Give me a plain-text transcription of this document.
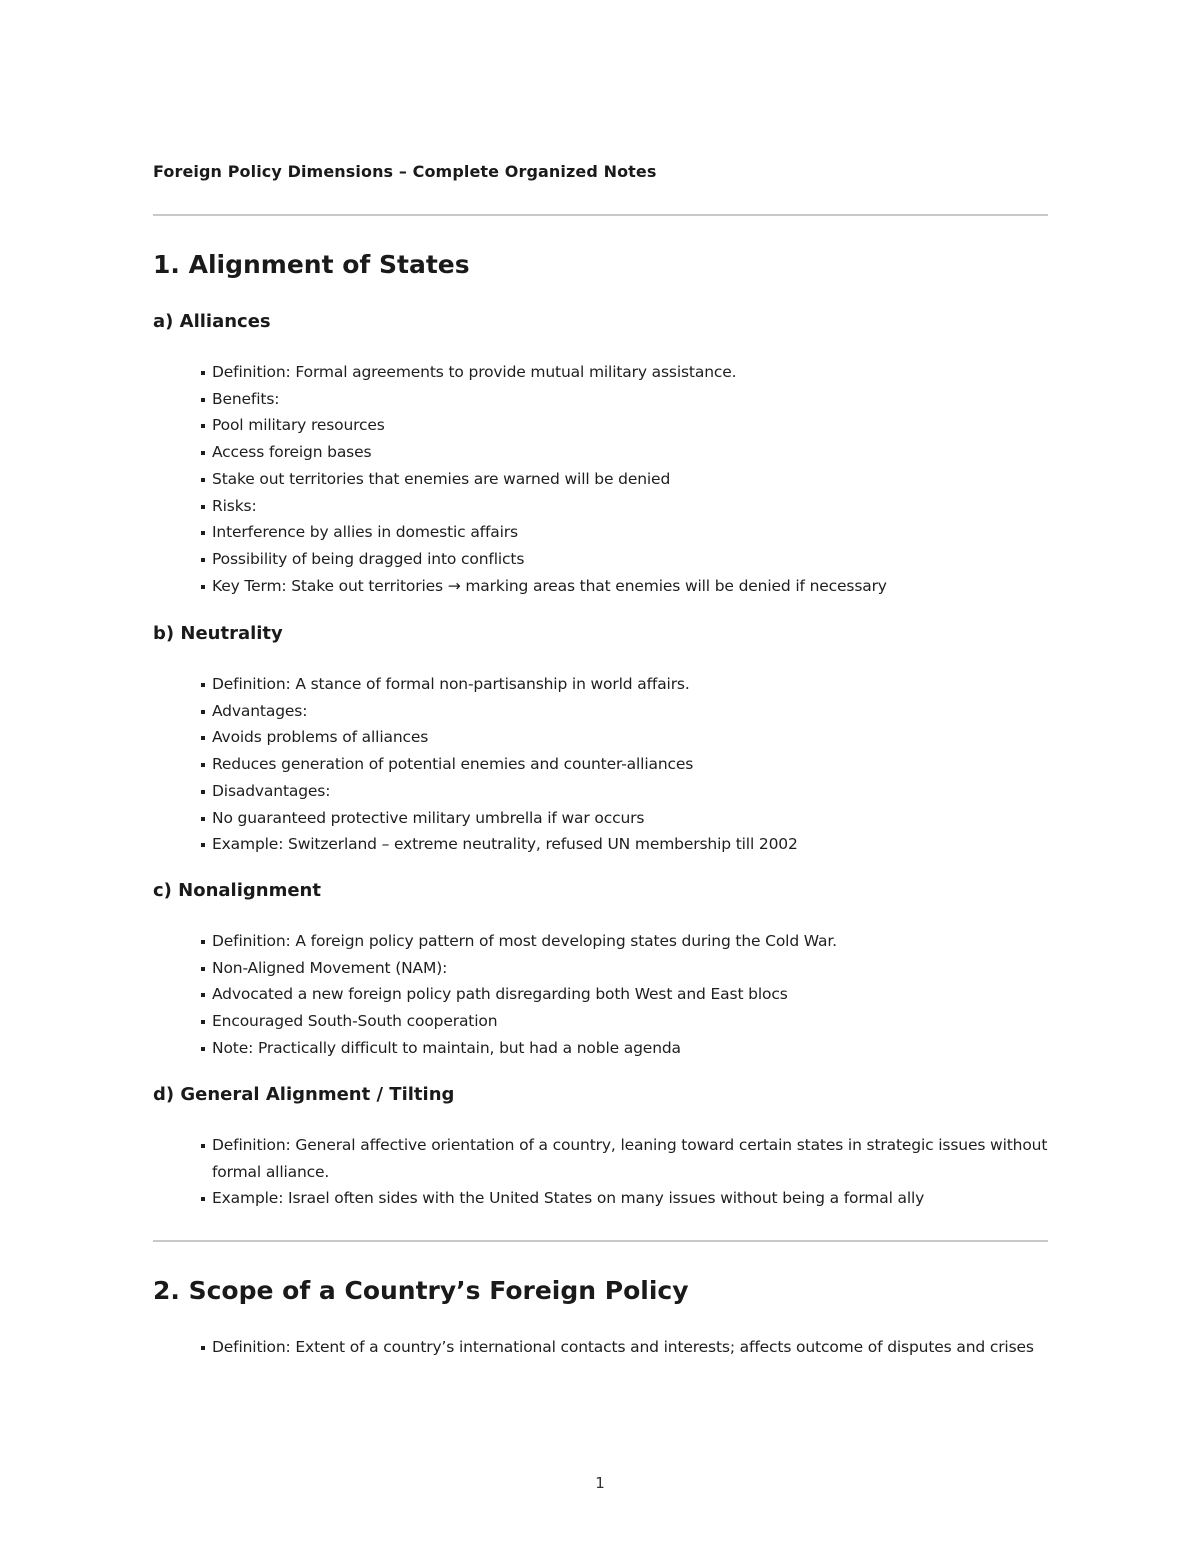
Foreign Policy Dimensions – Complete Organized Notes
1. Alignment of States
a) Alliances
Definition: Formal agreements to provide mutual military assistance.
Benefits:
Pool military resources
Access foreign bases
Stake out territories that enemies are warned will be denied
Risks:
Interference by allies in domestic affairs
Possibility of being dragged into conflicts
Key Term: Stake out territories → marking areas that enemies will be denied if necessary
b) Neutrality
Definition: A stance of formal non-partisanship in world affairs.
Advantages:
Avoids problems of alliances
Reduces generation of potential enemies and counter-alliances
Disadvantages:
No guaranteed protective military umbrella if war occurs
Example: Switzerland – extreme neutrality, refused UN membership till 2002
c) Nonalignment
Definition: A foreign policy pattern of most developing states during the Cold War.
Non-Aligned Movement (NAM):
Advocated a new foreign policy path disregarding both West and East blocs
Encouraged South-South cooperation
Note: Practically difficult to maintain, but had a noble agenda
d) General Alignment / Tilting
Definition: General affective orientation of a country, leaning toward certain states in strategic issues without formal alliance.
Example: Israel often sides with the United States on many issues without being a formal ally
2. Scope of a Country’s Foreign Policy
Definition: Extent of a country’s international contacts and interests; affects outcome of disputes and crises
1
